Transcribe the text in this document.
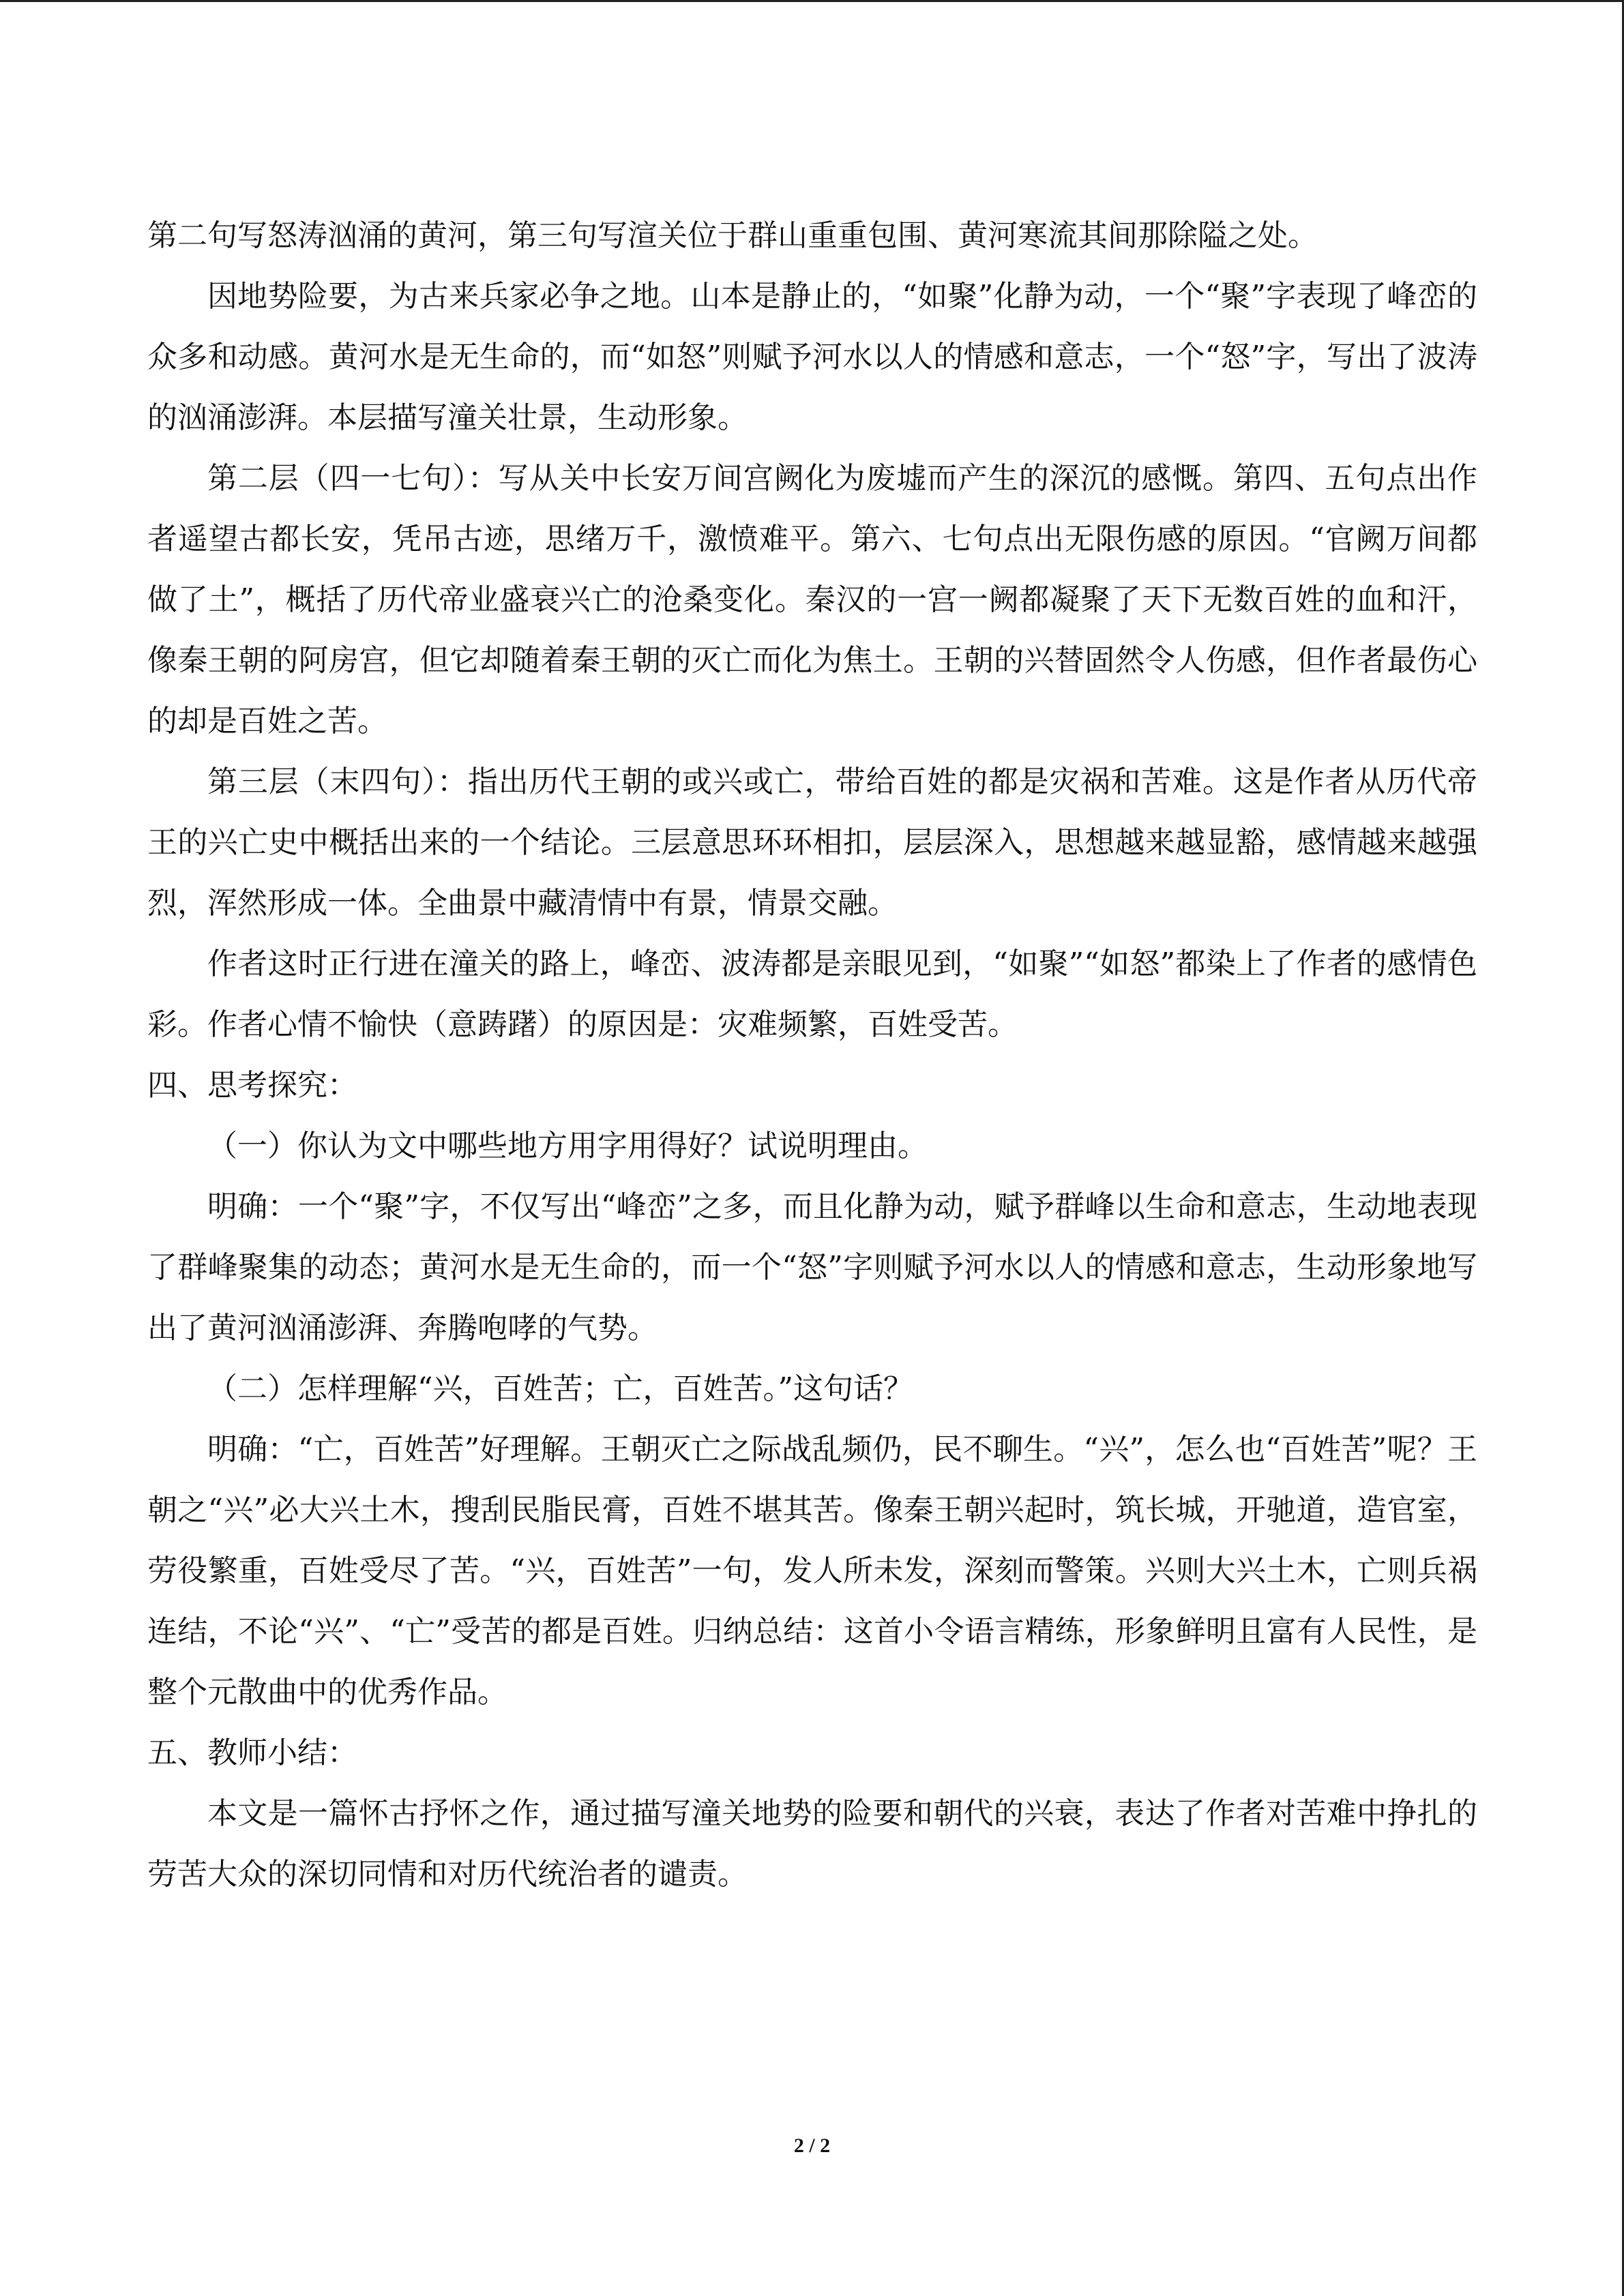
第二句写怒涛汹涌的黄河，第三句写渲关位于群山重重包围、黄河寒流其间那除隘之处。

因地势险要，为古来兵家必争之地。山本是静止的，“如聚”化静为动，一个“聚”字表现了峰峦的众多和动感。黄河水是无生命的，而“如怒”则赋予河水以人的情感和意志，一个“怒”字，写出了波涛的汹涌澎湃。本层描写潼关壮景，生动形象。

第二层（四一七句）：写从关中长安万间宫阙化为废墟而产生的深沉的感慨。第四、五句点出作者遥望古都长安，凭吊古迹，思绪万千，激愤难平。第六、七句点出无限伤感的原因。“官阙万间都做了土”，概括了历代帝业盛衰兴亡的沧桑变化。秦汉的一宫一阙都凝聚了天下无数百姓的血和汗，像秦王朝的阿房宫，但它却随着秦王朝的灭亡而化为焦土。王朝的兴替固然令人伤感，但作者最伤心的却是百姓之苦。

第三层（末四句）：指出历代王朝的或兴或亡，带给百姓的都是灾祸和苦难。这是作者从历代帝王的兴亡史中概括出来的一个结论。三层意思环环相扣，层层深入，思想越来越显豁，感情越来越强烈，浑然形成一体。全曲景中藏清情中有景，情景交融。

作者这时正行进在潼关的路上，峰峦、波涛都是亲眼见到，“如聚”“如怒”都染上了作者的感情色彩。作者心情不愉快（意踌躇）的原因是：灾难频繁，百姓受苦。

四、思考探究：

（一）你认为文中哪些地方用字用得好？试说明理由。

明确：一个“聚”字，不仅写出“峰峦”之多，而且化静为动，赋予群峰以生命和意志，生动地表现了群峰聚集的动态；黄河水是无生命的，而一个“怒”字则赋予河水以人的情感和意志，生动形象地写出了黄河汹涌澎湃、奔腾咆哮的气势。

（二）怎样理解“兴，百姓苦；亡，百姓苦。”这句话？

明确：“亡，百姓苦”好理解。王朝灭亡之际战乱频仍，民不聊生。“兴”，怎么也“百姓苦”呢？王朝之“兴”必大兴土木，搜刮民脂民膏，百姓不堪其苦。像秦王朝兴起时，筑长城，开驰道，造官室，劳役繁重，百姓受尽了苦。“兴，百姓苦”一句，发人所未发，深刻而警策。兴则大兴土木，亡则兵祸连结，不论“兴”、“亡”受苦的都是百姓。归纳总结：这首小令语言精练，形象鲜明且富有人民性，是整个元散曲中的优秀作品。

五、教师小结：

本文是一篇怀古抒怀之作，通过描写潼关地势的险要和朝代的兴衰，表达了作者对苦难中挣扎的劳苦大众的深切同情和对历代统治者的谴责。

2 / 2
